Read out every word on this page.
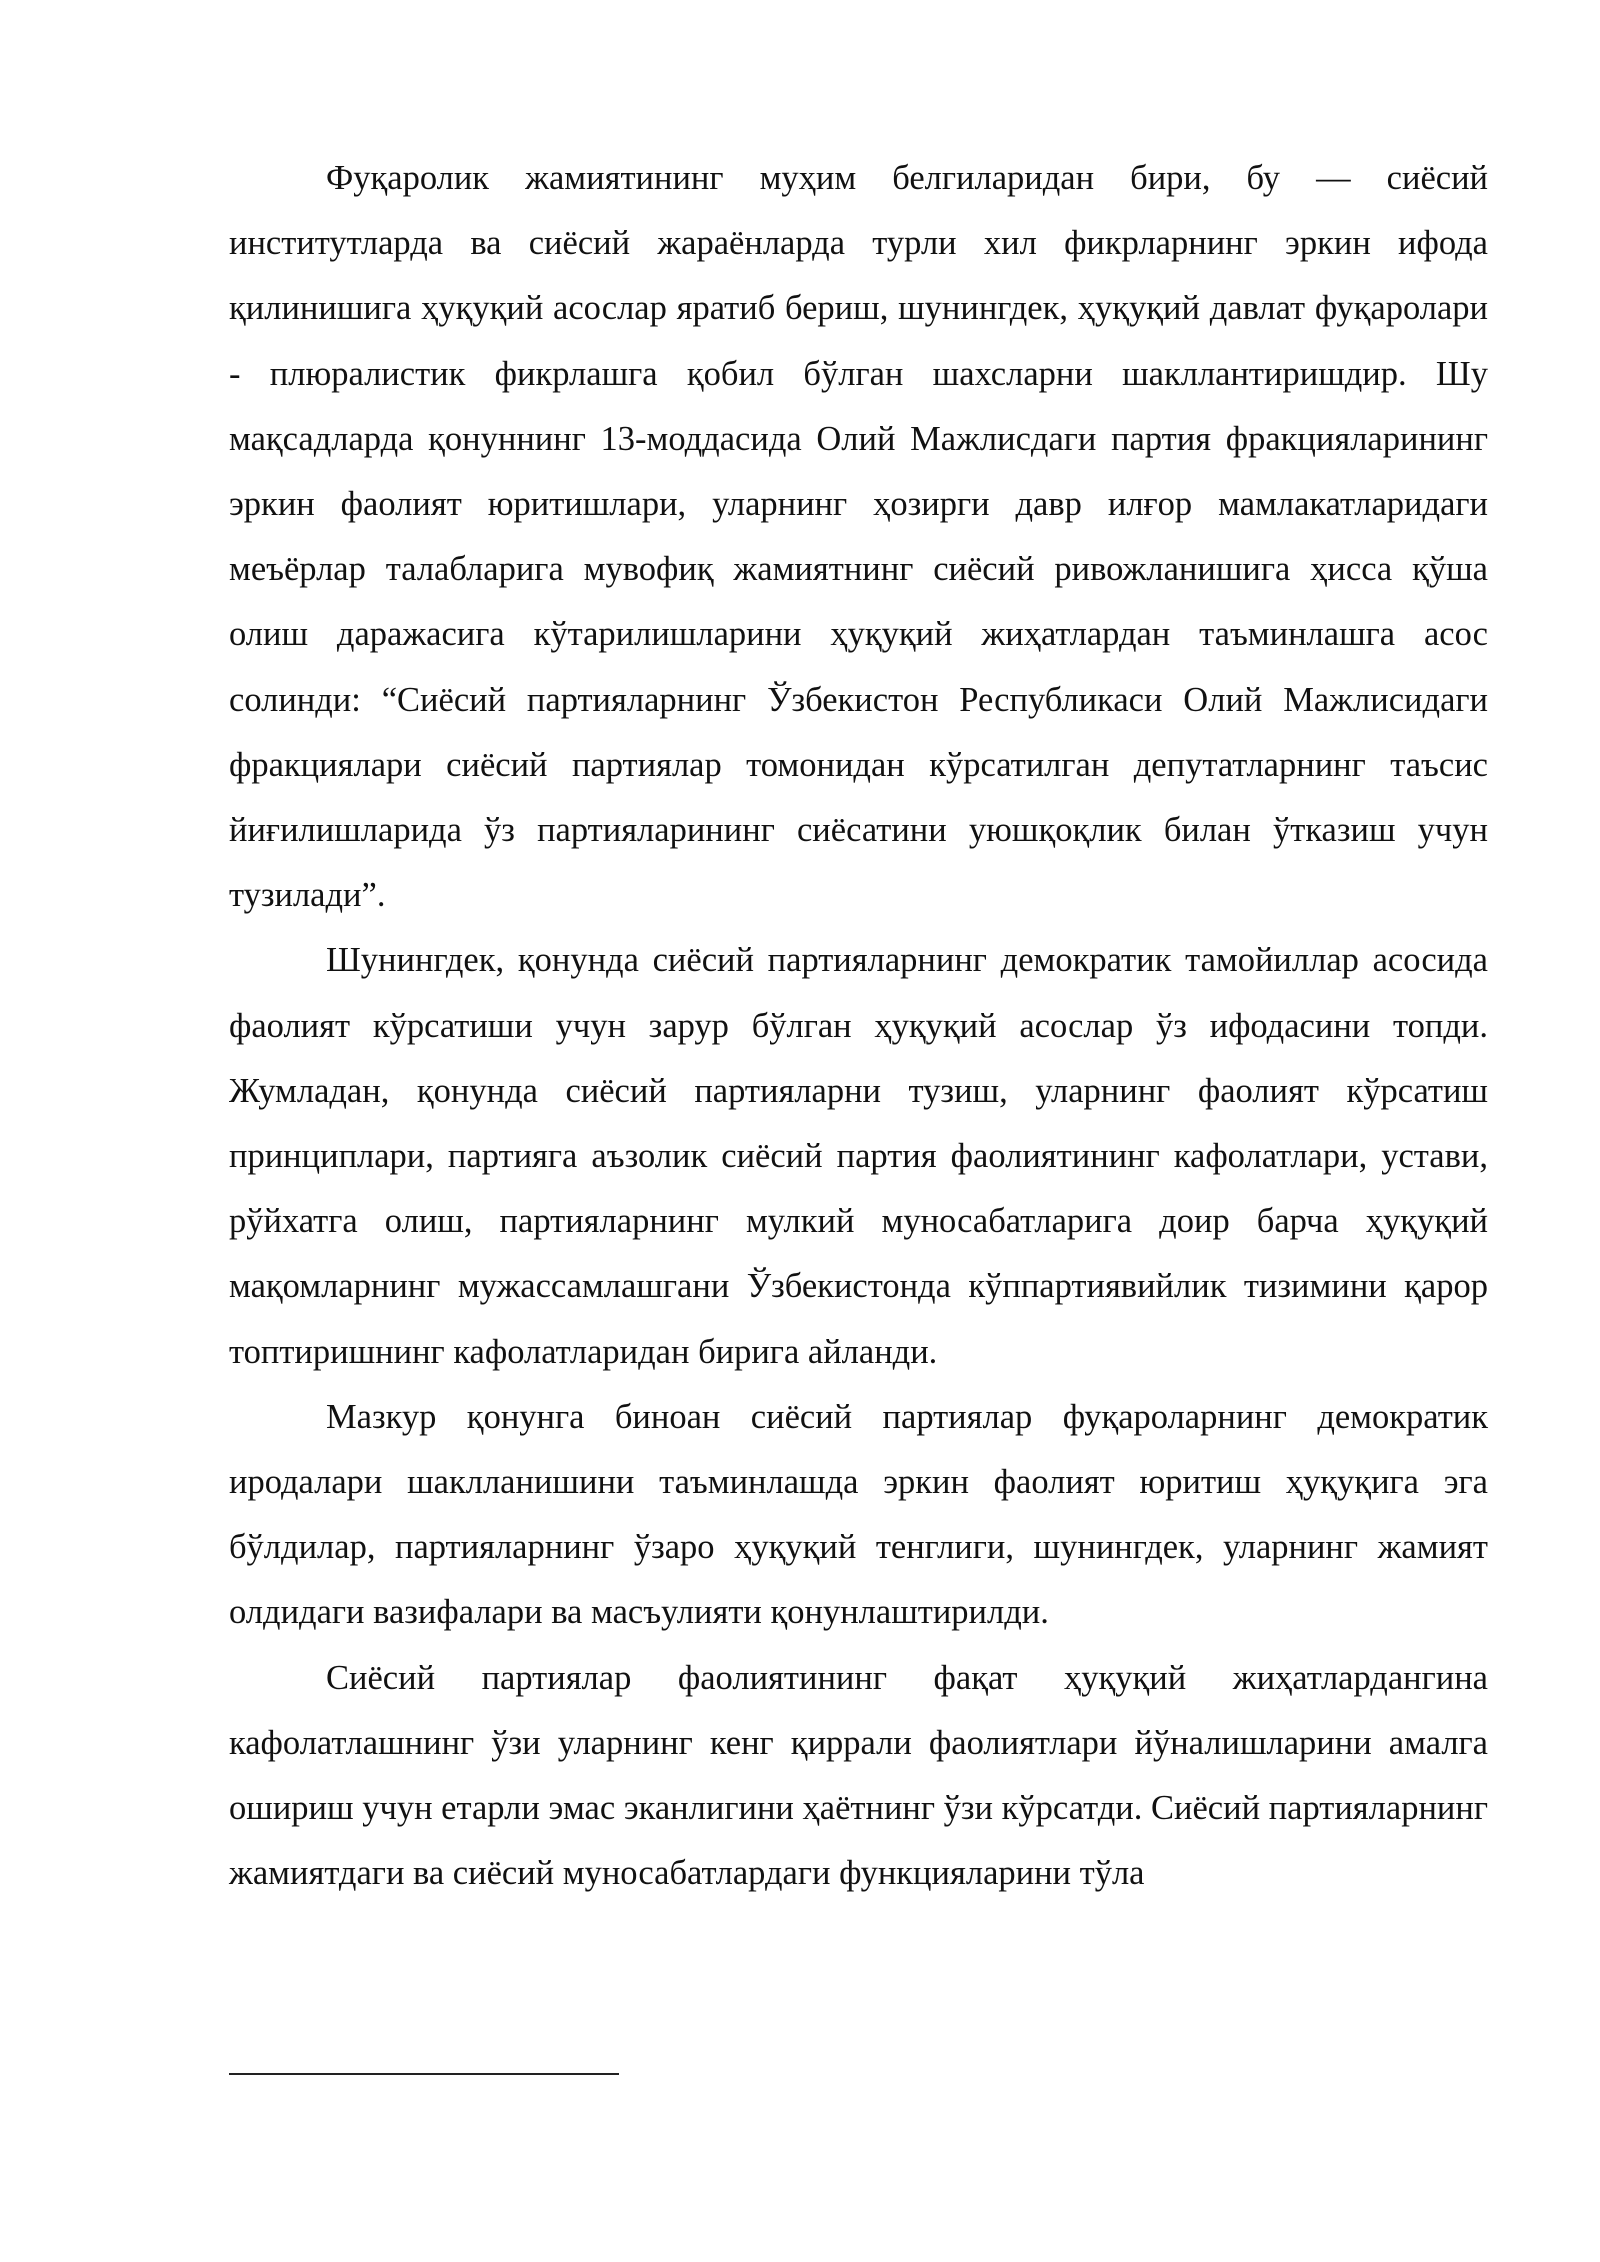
Фуқаролик жамиятининг муҳим белгиларидан бири, бу — сиёсий институтларда ва сиёсий жараёнларда турли хил фикрларнинг эркин ифода қилинишига ҳуқуқий асослар яратиб бериш, шунингдек, ҳуқуқий давлат фуқаролари - плюралистик фикрлашга қобил бўлган шахсларни шакллантиришдир. Шу мақсадларда қонуннинг 13-моддасида Олий Мажлисдаги партия фракцияларининг эркин фаолият юритишлари, уларнинг ҳозирги давр илғор мамлакатларидаги меъёрлар талабларига мувофиқ жамиятнинг сиёсий ривожланишига ҳисса қўша олиш даражасига кўтарилишларини ҳуқуқий жиҳатлардан таъминлашга асос солинди: “Сиёсий партияларнинг Ўзбекистон Республикаси Олий Мажлисидаги фракциялари сиёсий партиялар томонидан кўрсатилган депутатларнинг таъсис йиғилишларида ўз партияларининг сиёсатини уюшқоқлик билан ўтказиш учун тузилади”.

Шунингдек, қонунда сиёсий партияларнинг демократик тамойиллар асосида фаолият кўрсатиши учун зарур бўлган ҳуқуқий асослар ўз ифодасини топди. Жумладан, қонунда сиёсий партияларни тузиш, уларнинг фаолият кўрсатиш принциплари, партияга аъзолик сиёсий партия фаолиятининг кафолатлари, устави, рўйхатга олиш, партияларнинг мулкий муносабатларига доир барча ҳуқуқий мақомларнинг мужассамлашгани Ўзбекистонда кўппартиявийлик тизимини қарор топтиришнинг кафолатларидан бирига айланди.

Мазкур қонунга биноан сиёсий партиялар фуқароларнинг демократик иродалари шаклланишини таъминлашда эркин фаолият юритиш ҳуқуқига эга бўлдилар, партияларнинг ўзаро ҳуқуқий тенглиги, шунингдек, уларнинг жамият олдидаги вазифалари ва масъулияти қонунлаштирилди.

Сиёсий партиялар фаолиятининг фақат ҳуқуқий жиҳатлардангина кафолатлашнинг ўзи уларнинг кенг қиррали фаолиятлари йўналишларини амалга ошириш учун етарли эмас эканлигини ҳаётнинг ўзи кўрсатди. Сиёсий партияларнинг жамиятдаги ва сиёсий муносабатлардаги функцияларини тўла
